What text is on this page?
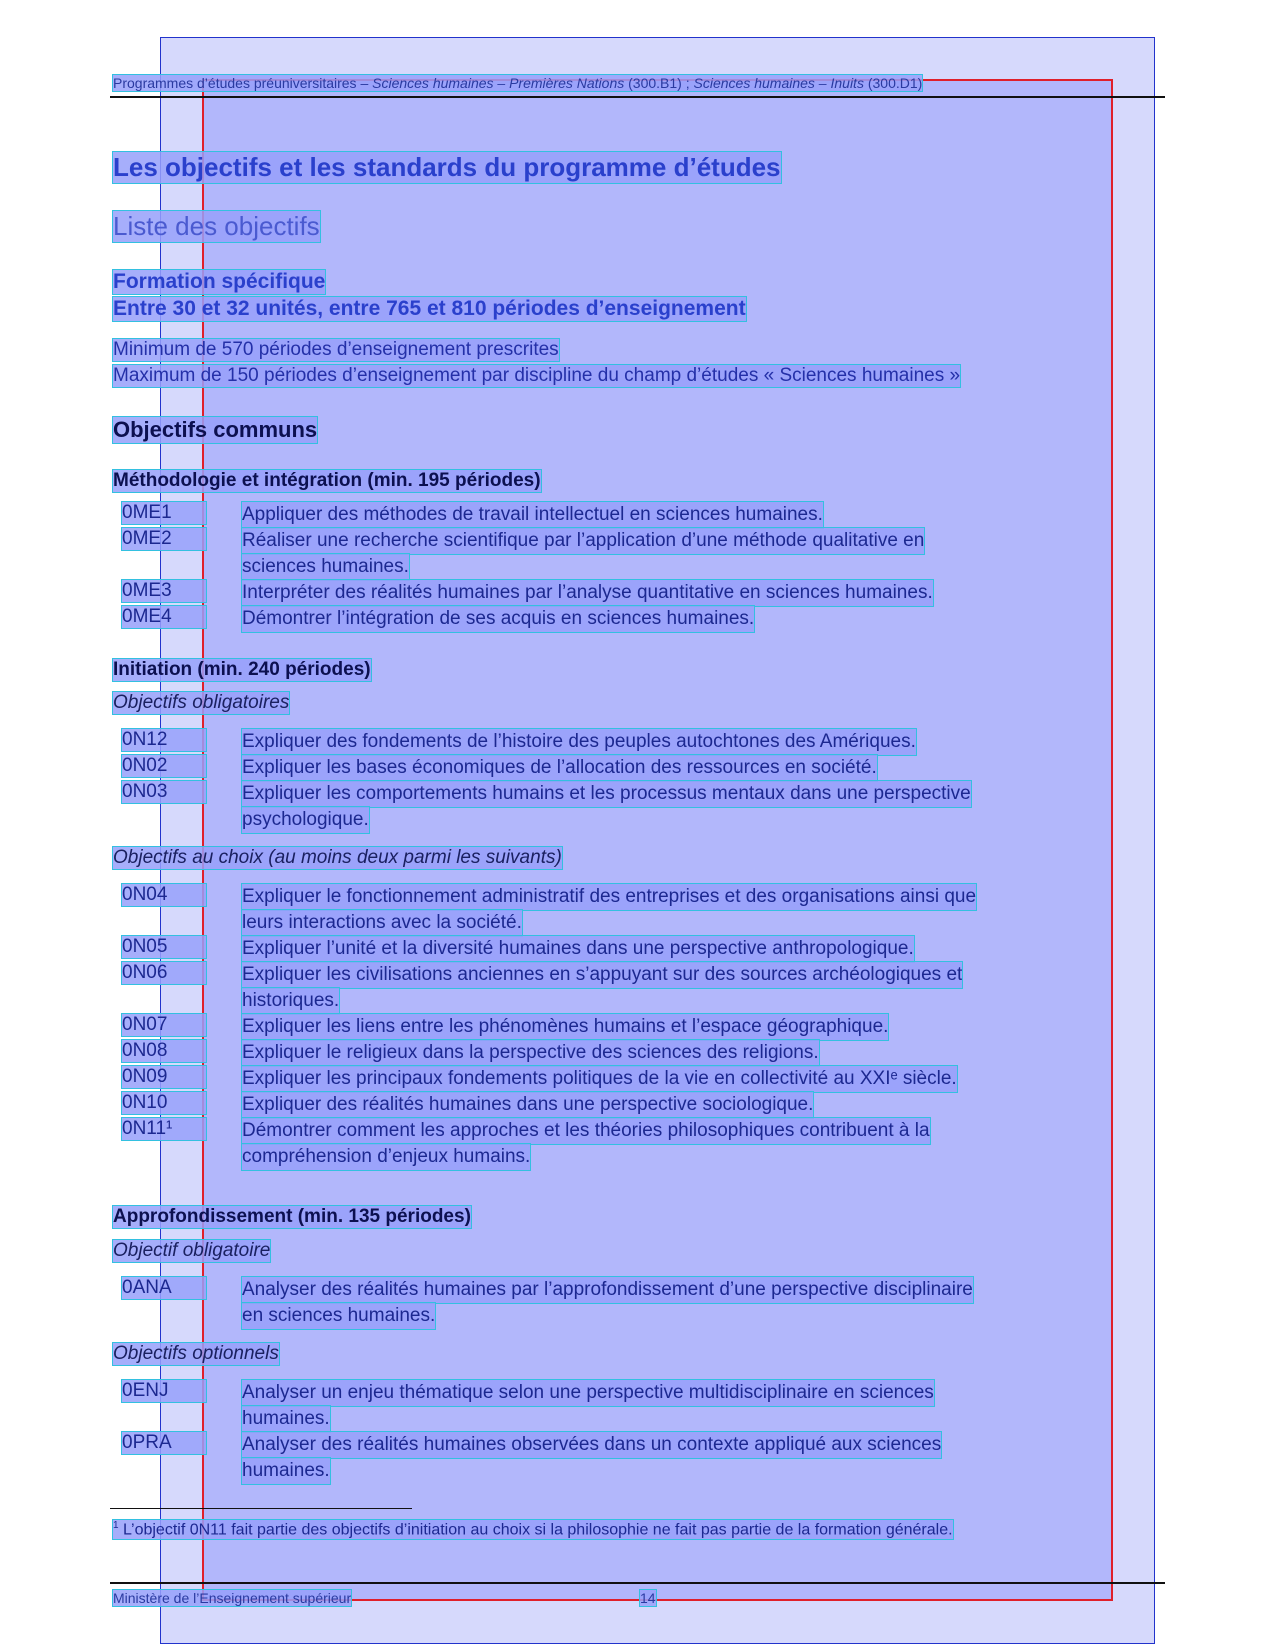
Programmes d’études préuniversitaires – Sciences humaines – Premières Nations (300.B1) ; Sciences humaines – Inuits (300.D1)
Les objectifs et les standards du programme d’études
Liste des objectifs
Formation spécifique
Entre 30 et 32 unités, entre 765 et 810 périodes d’enseignement
Minimum de 570 périodes d’enseignement prescrites
Maximum de 150 périodes d’enseignement par discipline du champ d’études « Sciences humaines »
Objectifs communs
Méthodologie et intégration (min. 195 périodes)
0ME1	Appliquer des méthodes de travail intellectuel en sciences humaines.
0ME2	Réaliser une recherche scientifique par l’application d’une méthode qualitative en
sciences humaines.
0ME3	Interpréter des réalités humaines par l’analyse quantitative en sciences humaines.
0ME4	Démontrer l’intégration de ses acquis en sciences humaines.
Initiation (min. 240 périodes)
Objectifs obligatoires
0N12	Expliquer des fondements de l’histoire des peuples autochtones des Amériques.
0N02	Expliquer les bases économiques de l’allocation des ressources en société.
0N03	Expliquer les comportements humains et les processus mentaux dans une perspective
psychologique.
Objectifs au choix (au moins deux parmi les suivants)
0N04	Expliquer le fonctionnement administratif des entreprises et des organisations ainsi que
leurs interactions avec la société.
0N05	Expliquer l’unité et la diversité humaines dans une perspective anthropologique.
0N06	Expliquer les civilisations anciennes en s’appuyant sur des sources archéologiques et
historiques.
0N07	Expliquer les liens entre les phénomènes humains et l’espace géographique.
0N08	Expliquer le religieux dans la perspective des sciences des religions.
0N09	Expliquer les principaux fondements politiques de la vie en collectivité au XXIᵉ siècle.
0N10	Expliquer des réalités humaines dans une perspective sociologique.
0N11¹	Démontrer comment les approches et les théories philosophiques contribuent à la
compréhension d’enjeux humains.
Approfondissement (min. 135 périodes)
Objectif obligatoire
0ANA	Analyser des réalités humaines par l’approfondissement d’une perspective disciplinaire
en sciences humaines.
Objectifs optionnels
0ENJ	Analyser un enjeu thématique selon une perspective multidisciplinaire en sciences
humaines.
0PRA	Analyser des réalités humaines observées dans un contexte appliqué aux sciences
humaines.
$^1$ L’objectif 0N11 fait partie des objectifs d’initiation au choix si la philosophie ne fait pas partie de la formation générale.
Ministère de l’Enseignement supérieur	14
